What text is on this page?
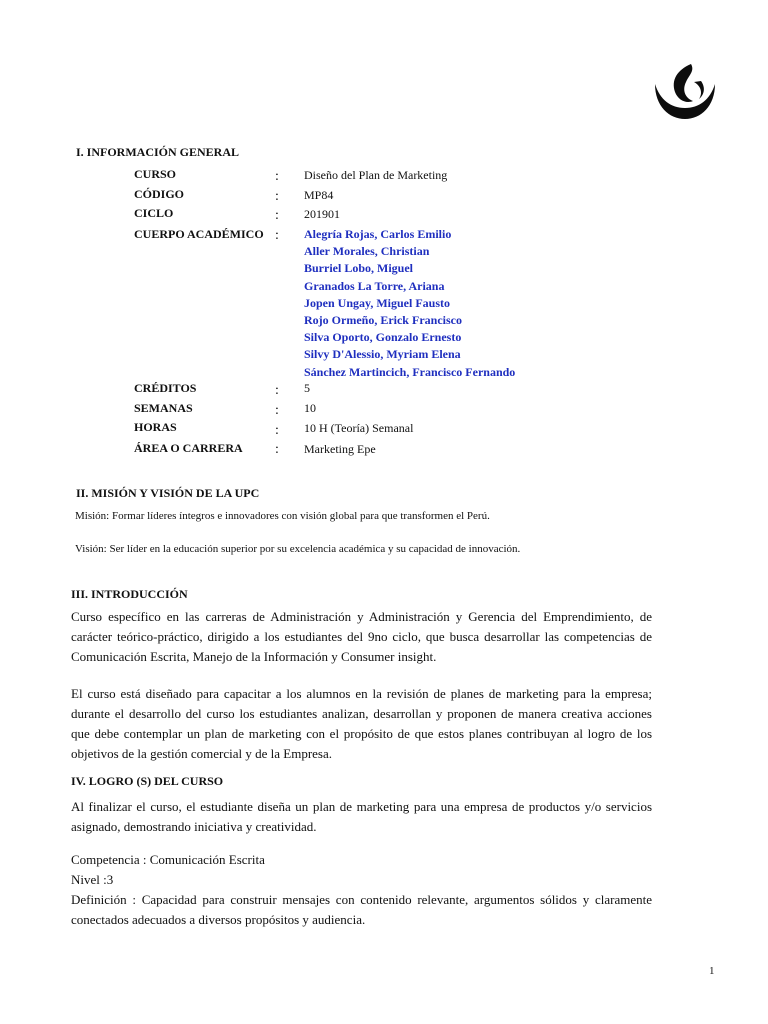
I. INFORMACIÓN GENERAL
CURSO	: Diseño del Plan de Marketing
CÓDIGO	: MP84
CICLO	: 201901
CUERPO ACADÉMICO : Alegría Rojas, Carlos Emilio
Aller Morales, Christian
Burriel Lobo, Miguel
Granados La Torre, Ariana
Jopen Ungay, Miguel Fausto
Rojo Ormeño, Erick Francisco
Silva Oporto, Gonzalo Ernesto
Silvy D'Alessio, Myriam Elena
Sánchez Martincich, Francisco Fernando
CRÉDITOS	: 5
SEMANAS	: 10
HORAS	: 10 H (Teoría) Semanal
ÁREA O CARRERA : Marketing Epe
II. MISIÓN Y VISIÓN DE LA UPC
Misión: Formar líderes íntegros e innovadores con visión global para que transformen el Perú.
Visión: Ser líder en la educación superior por su excelencia académica y su capacidad de innovación.
III. INTRODUCCIÓN

Curso específico en las carreras de Administración y Administración y Gerencia del Emprendimiento, de carácter teórico-práctico, dirigido a los estudiantes del 9no ciclo, que busca desarrollar las competencias de Comunicación Escrita, Manejo de la Información y Consumer insight.

El curso está diseñado para capacitar a los alumnos en la revisión de planes de marketing para la empresa; durante el desarrollo del curso los estudiantes analizan, desarrollan y proponen de manera creativa acciones que debe contemplar un plan de marketing con el propósito de que estos planes contribuyan al logro de los objetivos de la gestión comercial y de la Empresa.

IV. LOGRO (S) DEL CURSO

Al finalizar el curso, el estudiante diseña un plan de marketing para una empresa de productos y/o servicios asignado, demostrando iniciativa y creatividad.

Competencia : Comunicación Escrita
Nivel :3

Definición : Capacidad para construir mensajes con contenido relevante, argumentos sólidos y claramente conectados adecuados a diversos propósitos y audiencia.

1
